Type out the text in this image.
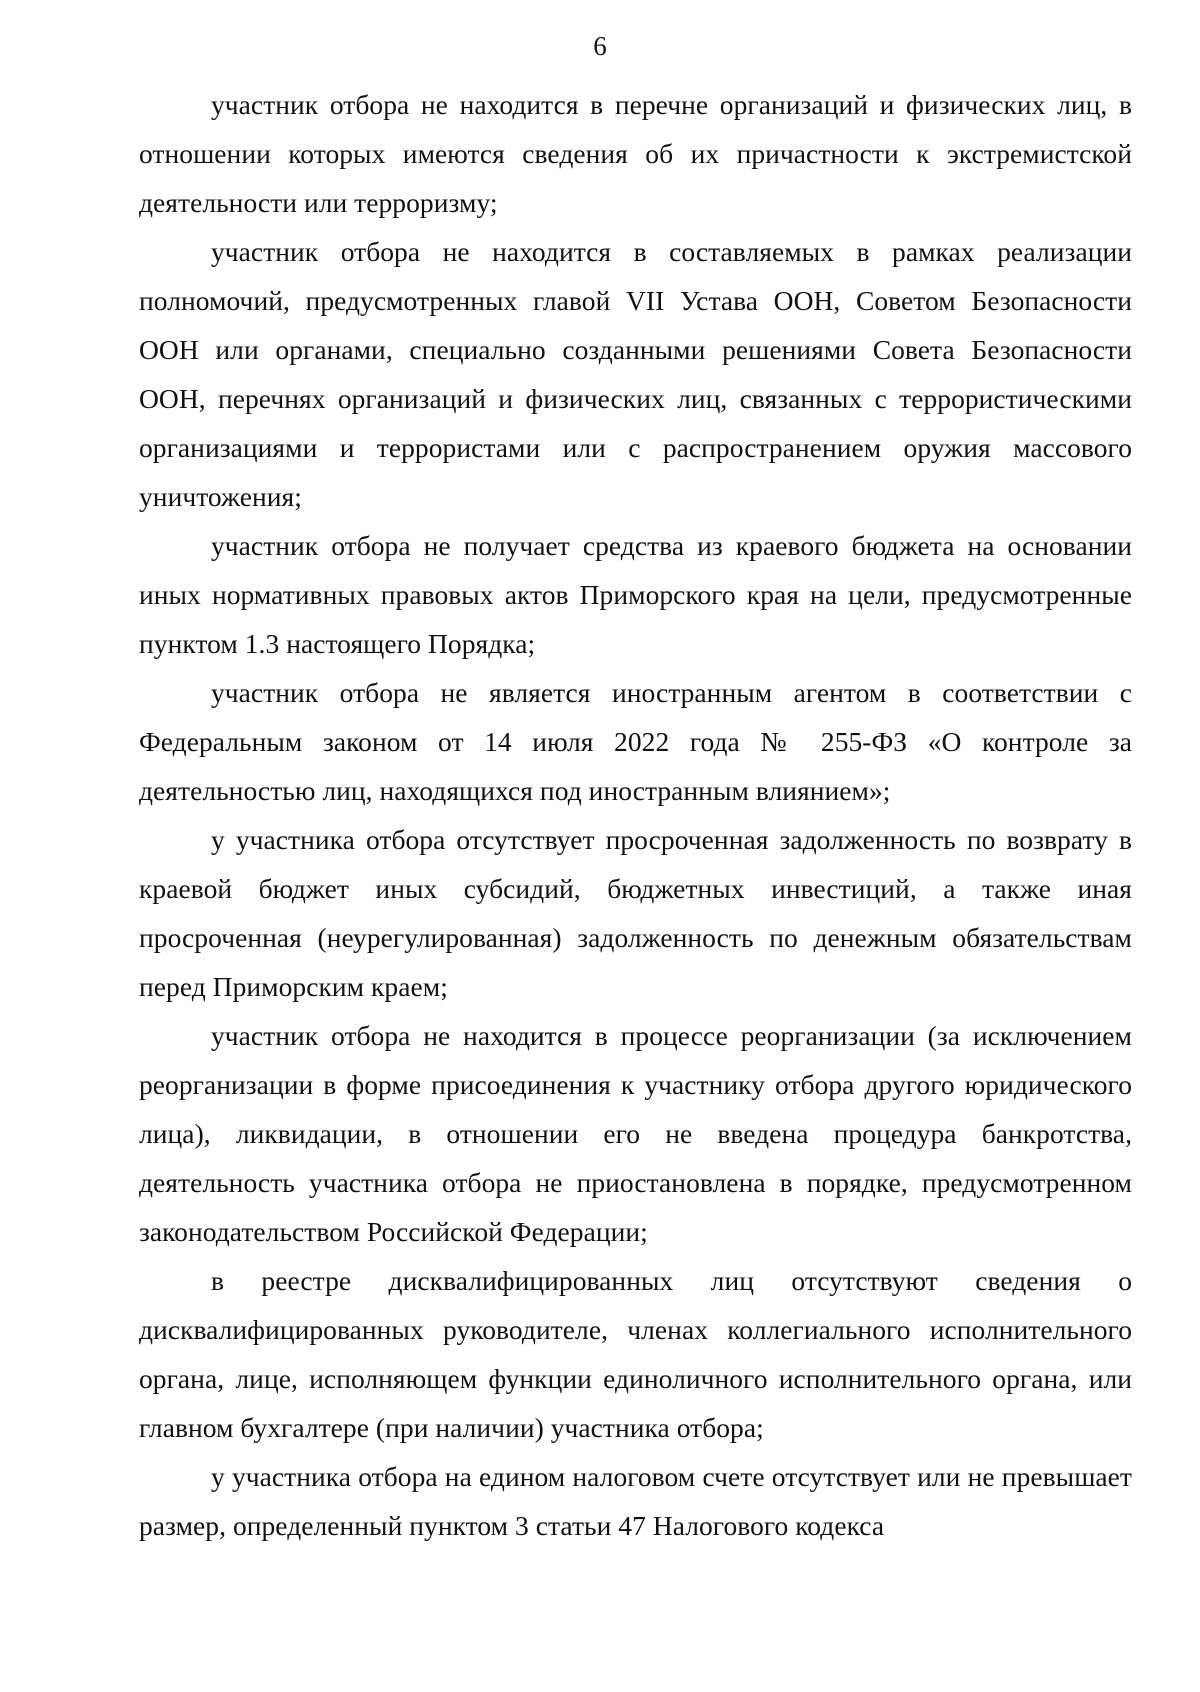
6

участник отбора не находится в перечне организаций и физических лиц, в отношении которых имеются сведения об их причастности к экстремистской деятельности или терроризму;

участник отбора не находится в составляемых в рамках реализации полномочий, предусмотренных главой VII Устава ООН, Советом Безопасности ООН или органами, специально созданными решениями Совета Безопасности ООН, перечнях организаций и физических лиц, связанных с террористическими организациями и террористами или с распространением оружия массового уничтожения;

участник отбора не получает средства из краевого бюджета на основании иных нормативных правовых актов Приморского края на цели, предусмотренные пунктом 1.3 настоящего Порядка;

участник отбора не является иностранным агентом в соответствии с Федеральным законом от 14 июля 2022 года № 255-ФЗ «О контроле за деятельностью лиц, находящихся под иностранным влиянием»;

у участника отбора отсутствует просроченная задолженность по возврату в краевой бюджет иных субсидий, бюджетных инвестиций, а также иная просроченная (неурегулированная) задолженность по денежным обязательствам перед Приморским краем;

участник отбора не находится в процессе реорганизации (за исключением реорганизации в форме присоединения к участнику отбора другого юридического лица), ликвидации, в отношении его не введена процедура банкротства, деятельность участника отбора не приостановлена в порядке, предусмотренном законодательством Российской Федерации;

в реестре дисквалифицированных лиц отсутствуют сведения о дисквалифицированных руководителе, членах коллегиального исполнительного органа, лице, исполняющем функции единоличного исполнительного органа, или главном бухгалтере (при наличии) участника отбора;

у участника отбора на едином налоговом счете отсутствует или не превышает размер, определенный пунктом 3 статьи 47 Налогового кодекса
